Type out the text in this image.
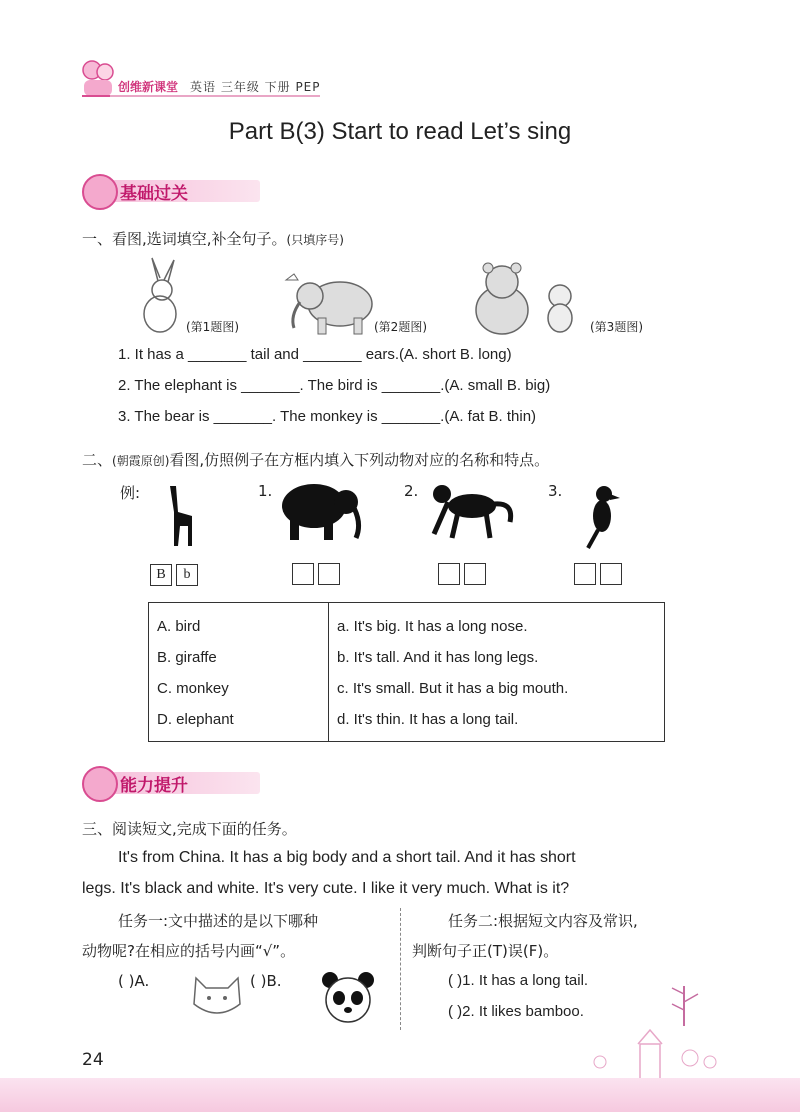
创维新课堂 英语 三年级 下册 PEP
Part B(3) Start to read Let’s sing
基础过关
一、看图,选词填空,补全句子。(只填序号)
(第1题图)	(第2题图)	(第3题图)
1. It has a _______ tail and _______ ears.(A. short B. long)
2. The elephant is _______. The bird is _______.(A. small B. big)
3. The bear is _______. The monkey is _______.(A. fat B. thin)
二、(朝霞原创)看图,仿照例子在方框内填入下列动物对应的名称和特点。
例:	1.	2.	3.
B b
A. bird
B. giraffe
C. monkey
D. elephant

a. It's big. It has a long nose.
b. It's tall. And it has long legs.
c. It's small. But it has a big mouth.
d. It's thin. It has a long tail.
能力提升
三、阅读短文,完成下面的任务。
It's from China. It has a big body and a short tail. And it has short
legs. It's black and white. It's very cute. I like it very much. What is it?
任务一:文中描述的是以下哪种
动物呢?在相应的括号内画“√”。
( )A.	( )B.
任务二:根据短文内容及常识,
判断句子正(T)误(F)。
( )1. It has a long tail.
( )2. It likes bamboo.
24
